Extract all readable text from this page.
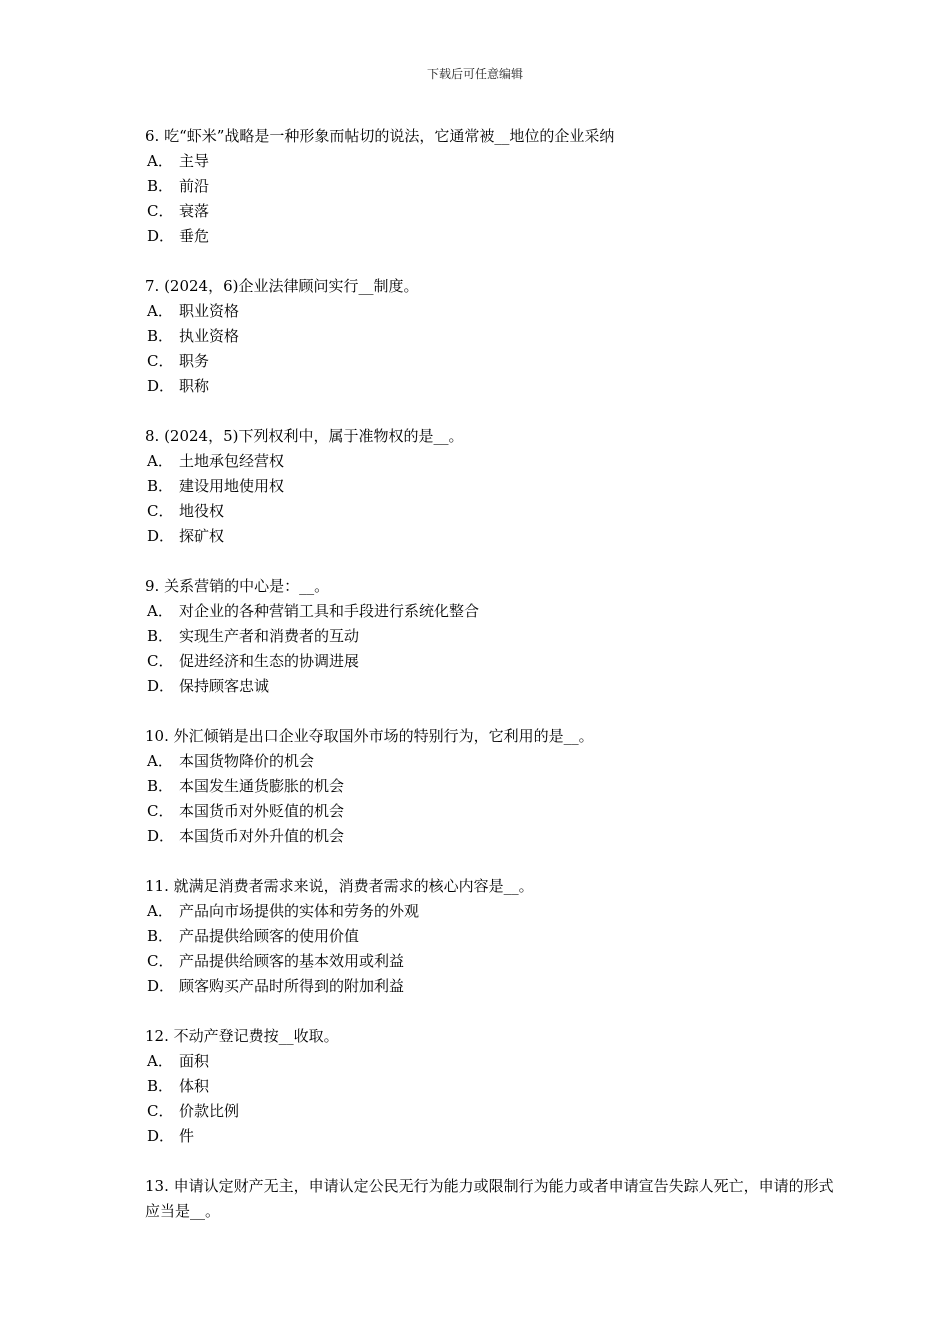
下载后可任意编辑

6. 吃“虾米”战略是一种形象而帖切的说法，它通常被__地位的企业采纳

A． 主导

B． 前沿

C． 衰落

D． 垂危

7. (2024，6)企业法律顾问实行__制度。

A． 职业资格

B． 执业资格

C． 职务

D． 职称

8. (2024，5)下列权利中，属于准物权的是__。

A． 土地承包经营权

B． 建设用地使用权

C． 地役权

D． 探矿权

9. 关系营销的中心是：__。

A． 对企业的各种营销工具和手段进行系统化整合

B． 实现生产者和消费者的互动

C． 促进经济和生态的协调进展

D． 保持顾客忠诚

10. 外汇倾销是出口企业夺取国外市场的特别行为，它利用的是__。

A． 本国货物降价的机会

B． 本国发生通货膨胀的机会

C． 本国货币对外贬值的机会

D． 本国货币对外升值的机会

11. 就满足消费者需求来说，消费者需求的核心内容是__。

A． 产品向市场提供的实体和劳务的外观

B． 产品提供给顾客的使用价值

C． 产品提供给顾客的基本效用或利益

D． 顾客购买产品时所得到的附加利益

12. 不动产登记费按__收取。

A． 面积

B． 体积

C． 价款比例

D． 件

13. 申请认定财产无主，申请认定公民无行为能力或限制行为能力或者申请宣告失踪人死亡，申请的形式应当是__。
